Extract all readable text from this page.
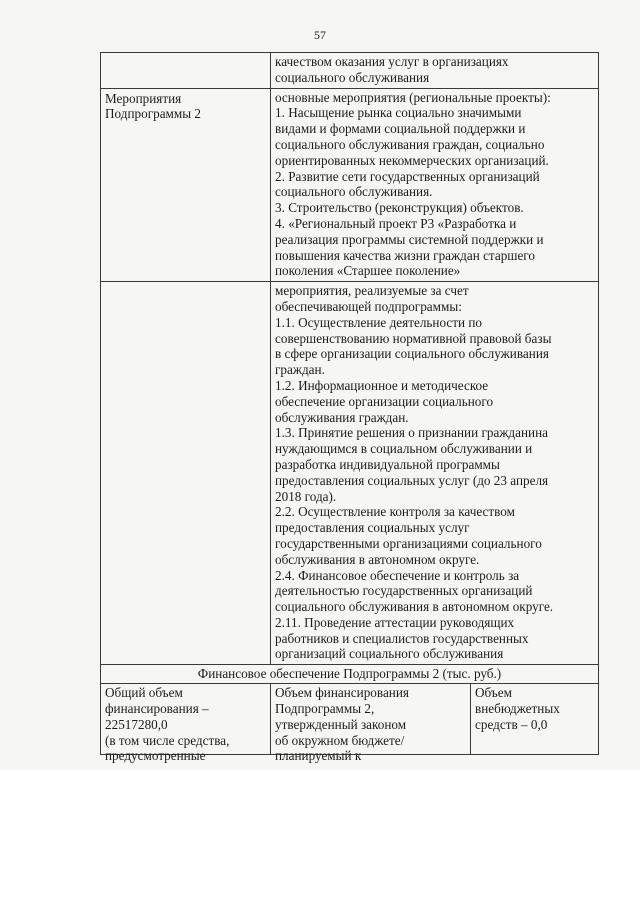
57
качеством оказания услуг в организациях
социального обслуживания
Мероприятия
Подпрограммы 2
основные мероприятия (региональные проекты):
1. Насыщение рынка социально значимыми
видами и формами социальной поддержки и
социального обслуживания граждан, социально
ориентированных некоммерческих организаций.
2. Развитие сети государственных организаций
социального обслуживания.
3. Строительство (реконструкция) объектов.
4. «Региональный проект Р3 «Разработка и
реализация программы системной поддержки и
повышения качества жизни граждан старшего
поколения «Старшее поколение»
мероприятия, реализуемые за счет
обеспечивающей подпрограммы:
1.1. Осуществление деятельности по
совершенствованию нормативной правовой базы
в сфере организации социального обслуживания
граждан.
1.2. Информационное и методическое
обеспечение организации социального
обслуживания граждан.
1.3. Принятие решения о признании гражданина
нуждающимся в социальном обслуживании и
разработка индивидуальной программы
предоставления социальных услуг (до 23 апреля
2018 года).
2.2. Осуществление контроля за качеством
предоставления социальных услуг
государственными организациями социального
обслуживания в автономном округе.
2.4. Финансовое обеспечение и контроль за
деятельностью государственных организаций
социального обслуживания в автономном округе.
2.11. Проведение аттестации руководящих
работников и специалистов государственных
организаций социального обслуживания
Финансовое обеспечение Подпрограммы 2 (тыс. руб.)
Общий объем
финансирования –
22517280,0
(в том числе средства,
предусмотренные
Объем финансирования
Подпрограммы 2,
утвержденный законом
об окружном бюджете/
планируемый к
Объем
внебюджетных
средств – 0,0
